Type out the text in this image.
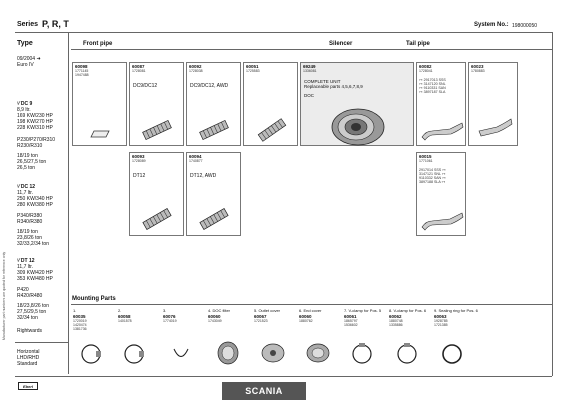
Manufacturer part numbers are quoted for reference only
Series P, R, T	System No.: 198000050
Type
09/2004 ➜
Euro IV
¹⁄ DC 9
8,9 ltr.
169 KW/230 HP
198 KW/270 HP
228 KW/310 HP
P230/P270/R310
R230/R310
18/19 ton
26,5/27,5 ton
26,5 ton
¹⁄ DC 12
11,7 ltr.
250 KW/340 HP
280 KW/380 HP
P340/R380
R340/R380
18/19 ton
23,8/26 ton
32/33,2/34 ton
¹⁄ DT 12
11,7 ltr.
309 KW/420 HP
353 KW/480 HP
P420
R420/R480
18/23,8/26 ton
27,5/29,5 ton
32/34 ton
Rightwards
Horizontal
LHD/RHD
Standard
Front pipe	Silencer	Tail pipe
60098
1771145
1947488
60087
1728081
DC9/DC12
60092
1728038
DC9/DC12, AWD
60051
1725583
69249
1336081
COMPLETE UNIT
Replaceable parts 4,5,6,7,8,9
DOC
60082
1728041
⊶ 2917013 SSS
⊶ 3147120 SNL
⊶ 9110331 SAN
⊶ 3897187 SLA
60023
1780883
60093
1728089
DT12
60094
1740877
DT12, AWD
60015
1771061
2917014 SSS ⊶
3147121 SNL ⊶
9110332 SAN ⊶
3897188 SLA ⊶
Mounting Parts
1.
60035
1720019
1420474
1381736
2.
60058
1401578
3.
60076
1774019
4. DOC filter
60060
1743049
5. Outlet cover
60067
1721523
6. End cover
60060
1880762
7. V-clamp for Pos. 5
60061
1865797
1536602
8. V-clamp for Pos. 6
60062
1880748
1335886
9. Sealing ring for Pos. 6
60063
1928785
1721385
Eberl	SCANIA
